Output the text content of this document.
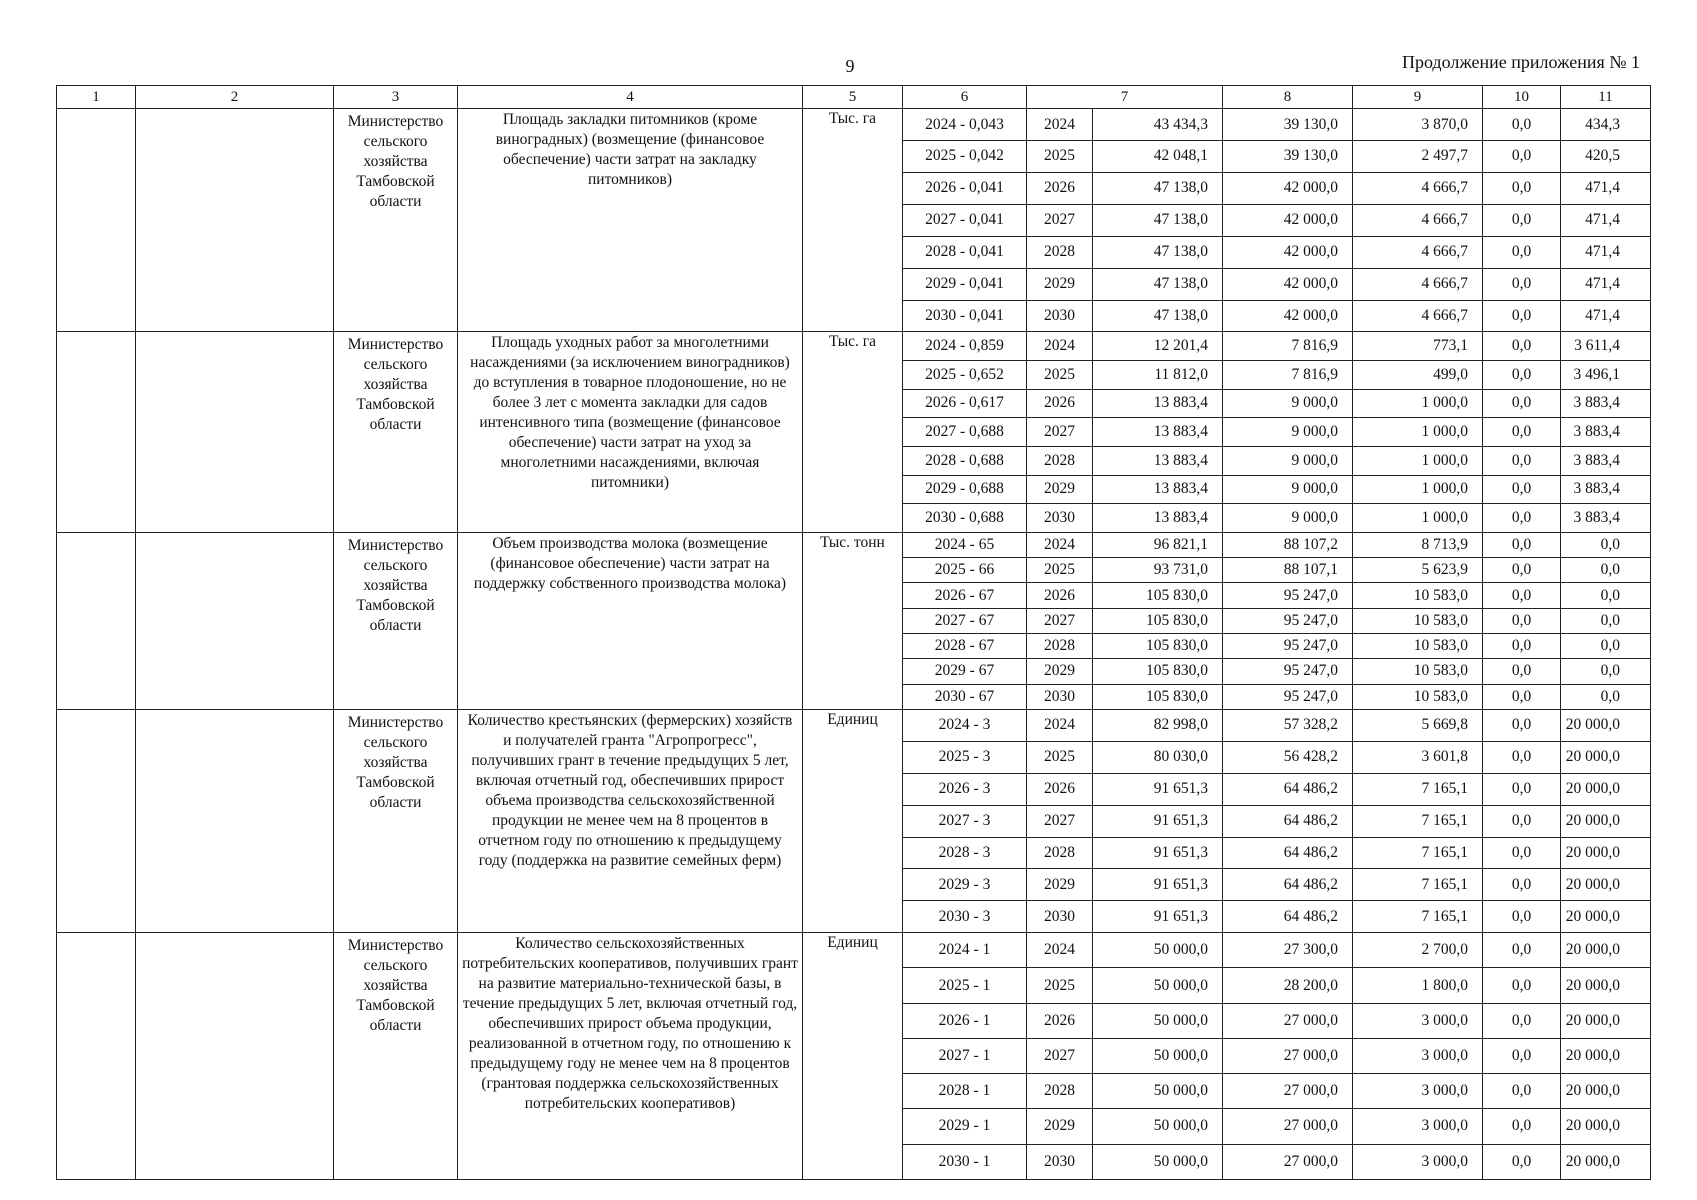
9	Продолжение приложения № 1
1	2	3	4	5	6	7		8	9	10	11
		Министерство сельского хозяйства Тамбовской области	Площадь закладки питомников (кроме виноградных) (возмещение (финансовое обеспечение) части затрат на закладку питомников)	Тыс. га	2024 - 0,043	2024	43 434,3	39 130,0	3 870,0	0,0	434,3
					2025 - 0,042	2025	42 048,1	39 130,0	2 497,7	0,0	420,5
					2026 - 0,041	2026	47 138,0	42 000,0	4 666,7	0,0	471,4
					2027 - 0,041	2027	47 138,0	42 000,0	4 666,7	0,0	471,4
					2028 - 0,041	2028	47 138,0	42 000,0	4 666,7	0,0	471,4
					2029 - 0,041	2029	47 138,0	42 000,0	4 666,7	0,0	471,4
					2030 - 0,041	2030	47 138,0	42 000,0	4 666,7	0,0	471,4
		Министерство сельского хозяйства Тамбовской области	Площадь уходных работ за многолетними насаждениями (за исключением виноградников) до вступления в товарное плодоношение, но не более 3 лет с момента закладки для садов интенсивного типа (возмещение (финансовое обеспечение) части затрат на уход за многолетними насаждениями, включая питомники)	Тыс. га	2024 - 0,859	2024	12 201,4	7 816,9	773,1	0,0	3 611,4
					2025 - 0,652	2025	11 812,0	7 816,9	499,0	0,0	3 496,1
					2026 - 0,617	2026	13 883,4	9 000,0	1 000,0	0,0	3 883,4
					2027 - 0,688	2027	13 883,4	9 000,0	1 000,0	0,0	3 883,4
					2028 - 0,688	2028	13 883,4	9 000,0	1 000,0	0,0	3 883,4
					2029 - 0,688	2029	13 883,4	9 000,0	1 000,0	0,0	3 883,4
					2030 - 0,688	2030	13 883,4	9 000,0	1 000,0	0,0	3 883,4
		Министерство сельского хозяйства Тамбовской области	Объем производства молока (возмещение (финансовое обеспечение) части затрат на поддержку собственного производства молока)	Тыс. тонн	2024 - 65	2024	96 821,1	88 107,2	8 713,9	0,0	0,0
					2025 - 66	2025	93 731,0	88 107,1	5 623,9	0,0	0,0
					2026 - 67	2026	105 830,0	95 247,0	10 583,0	0,0	0,0
					2027 - 67	2027	105 830,0	95 247,0	10 583,0	0,0	0,0
					2028 - 67	2028	105 830,0	95 247,0	10 583,0	0,0	0,0
					2029 - 67	2029	105 830,0	95 247,0	10 583,0	0,0	0,0
					2030 - 67	2030	105 830,0	95 247,0	10 583,0	0,0	0,0
		Министерство сельского хозяйства Тамбовской области	Количество крестьянских (фермерских) хозяйств и получателей гранта "Агропрогресс", получивших грант в течение предыдущих 5 лет, включая отчетный год, обеспечивших прирост объема производства сельскохозяйственной продукции не менее чем на 8 процентов в отчетном году по отношению к предыдущему году (поддержка на развитие семейных ферм)	Единиц	2024 - 3	2024	82 998,0	57 328,2	5 669,8	0,0	20 000,0
					2025 - 3	2025	80 030,0	56 428,2	3 601,8	0,0	20 000,0
					2026 - 3	2026	91 651,3	64 486,2	7 165,1	0,0	20 000,0
					2027 - 3	2027	91 651,3	64 486,2	7 165,1	0,0	20 000,0
					2028 - 3	2028	91 651,3	64 486,2	7 165,1	0,0	20 000,0
					2029 - 3	2029	91 651,3	64 486,2	7 165,1	0,0	20 000,0
					2030 - 3	2030	91 651,3	64 486,2	7 165,1	0,0	20 000,0
		Министерство сельского хозяйства Тамбовской области	Количество сельскохозяйственных потребительских кооперативов, получивших грант на развитие материально-технической базы, в течение предыдущих 5 лет, включая отчетный год, обеспечивших прирост объема продукции, реализованной в отчетном году, по отношению к предыдущему году не менее чем на 8 процентов (грантовая поддержка сельскохозяйственных потребительских кооперативов)	Единиц	2024 - 1	2024	50 000,0	27 300,0	2 700,0	0,0	20 000,0
					2025 - 1	2025	50 000,0	28 200,0	1 800,0	0,0	20 000,0
					2026 - 1	2026	50 000,0	27 000,0	3 000,0	0,0	20 000,0
					2027 - 1	2027	50 000,0	27 000,0	3 000,0	0,0	20 000,0
					2028 - 1	2028	50 000,0	27 000,0	3 000,0	0,0	20 000,0
					2029 - 1	2029	50 000,0	27 000,0	3 000,0	0,0	20 000,0
					2030 - 1	2030	50 000,0	27 000,0	3 000,0	0,0	20 000,0
